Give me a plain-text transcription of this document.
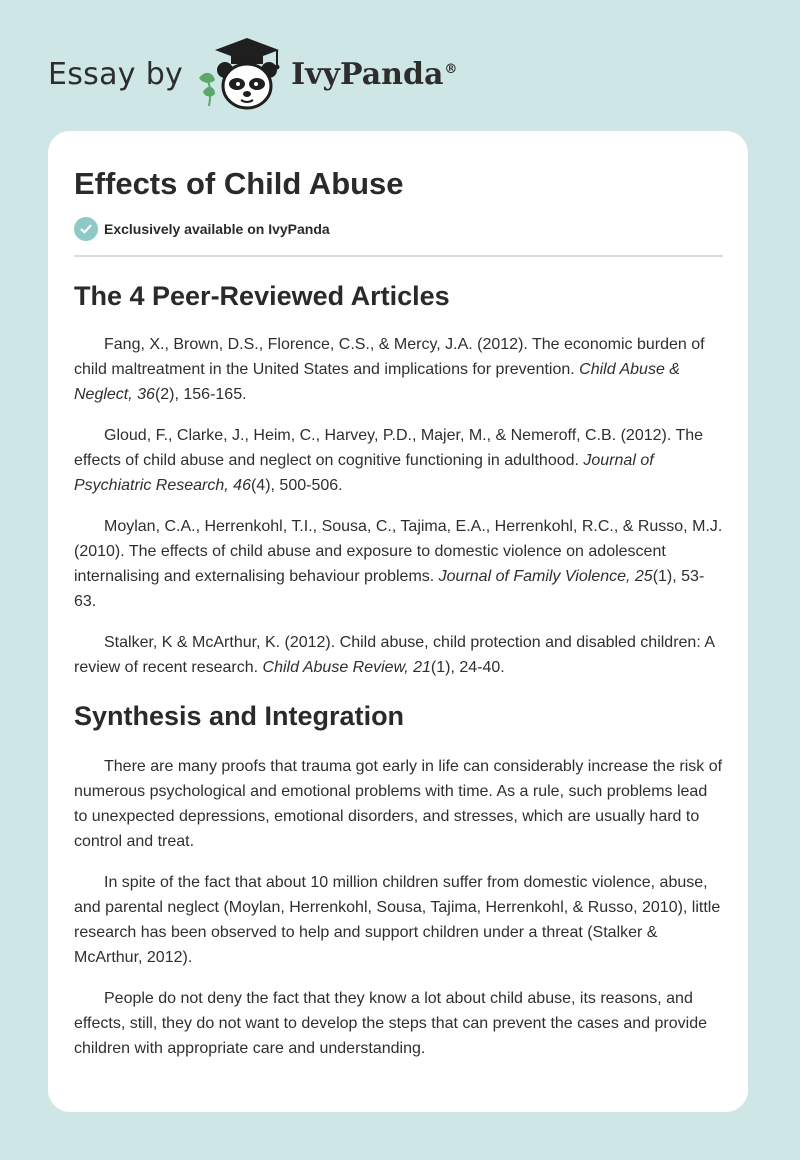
Essay by	IvyPanda®
Effects of Child Abuse
Exclusively available on IvyPanda
The 4 Peer-Reviewed Articles

Fang, X., Brown, D.S., Florence, C.S., & Mercy, J.A. (2012). The economic burden of child maltreatment in the United States and implications for prevention. Child Abuse & Neglect, 36(2), 156-165.

Gloud, F., Clarke, J., Heim, C., Harvey, P.D., Majer, M., & Nemeroff, C.B. (2012). The effects of child abuse and neglect on cognitive functioning in adulthood. Journal of Psychiatric Research, 46(4), 500-506.

Moylan, C.A., Herrenkohl, T.I., Sousa, C., Tajima, E.A., Herrenkohl, R.C., & Russo, M.J. (2010). The effects of child abuse and exposure to domestic violence on adolescent internalising and externalising behaviour problems. Journal of Family Violence, 25(1), 53-63.

Stalker, K & McArthur, K. (2012). Child abuse, child protection and disabled children: A review of recent research. Child Abuse Review, 21(1), 24-40.

Synthesis and Integration

There are many proofs that trauma got early in life can considerably increase the risk of numerous psychological and emotional problems with time. As a rule, such problems lead to unexpected depressions, emotional disorders, and stresses, which are usually hard to control and treat.

In spite of the fact that about 10 million children suffer from domestic violence, abuse, and parental neglect (Moylan, Herrenkohl, Sousa, Tajima, Herrenkohl, & Russo, 2010), little research has been observed to help and support children under a threat (Stalker & McArthur, 2012).

People do not deny the fact that they know a lot about child abuse, its reasons, and effects, still, they do not want to develop the steps that can prevent the cases and provide children with appropriate care and understanding.
